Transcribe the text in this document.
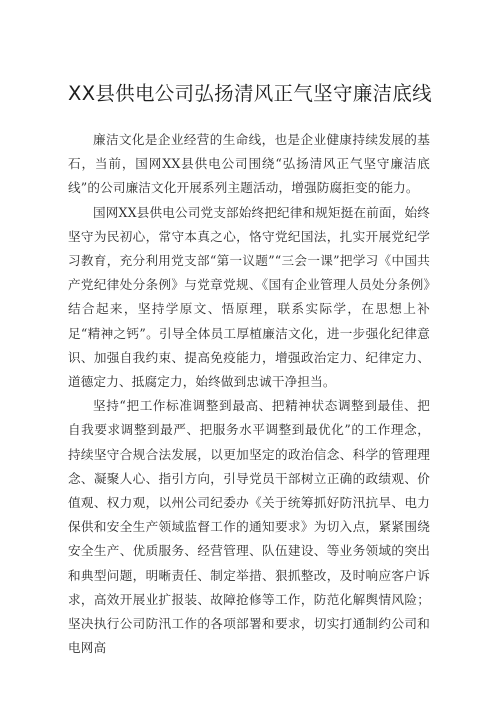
XX县供电公司弘扬清风正气坚守廉洁底线

廉洁文化是企业经营的生命线，也是企业健康持续发展的基石，当前，国网XX县供电公司围绕“弘扬清风正气坚守廉洁底线”的公司廉洁文化开展系列主题活动，增强防腐拒变的能力。

国网XX县供电公司党支部始终把纪律和规矩挺在前面，始终坚守为民初心，常守本真之心，恪守党纪国法，扎实开展党纪学习教育，充分利用党支部“第一议题”“三会一课”把学习《中国共产党纪律处分条例》与党章党规、《国有企业管理人员处分条例》结合起来，坚持学原文、悟原理，联系实际学，在思想上补足“精神之钙”。引导全体员工厚植廉洁文化，进一步强化纪律意识、加强自我约束、提高免疫能力，增强政治定力、纪律定力、道德定力、抵腐定力，始终做到忠诚干净担当。

坚持“把工作标准调整到最高、把精神状态调整到最佳、把自我要求调整到最严、把服务水平调整到最优化”的工作理念，持续坚守合规合法发展，以更加坚定的政治信念、科学的管理理念、凝聚人心、指引方向，引导党员干部树立正确的政绩观、价值观、权力观，以州公司纪委办《关于统筹抓好防汛抗旱、电力保供和安全生产领域监督工作的通知要求》为切入点，紧紧围绕安全生产、优质服务、经营管理、队伍建设、等业务领域的突出和典型问题，明晰责任、制定举措、狠抓整改，及时响应客户诉求，高效开展业扩报装、故障抢修等工作，防范化解舆情风险；坚决执行公司防汛工作的各项部署和要求，切实打通制约公司和电网高
